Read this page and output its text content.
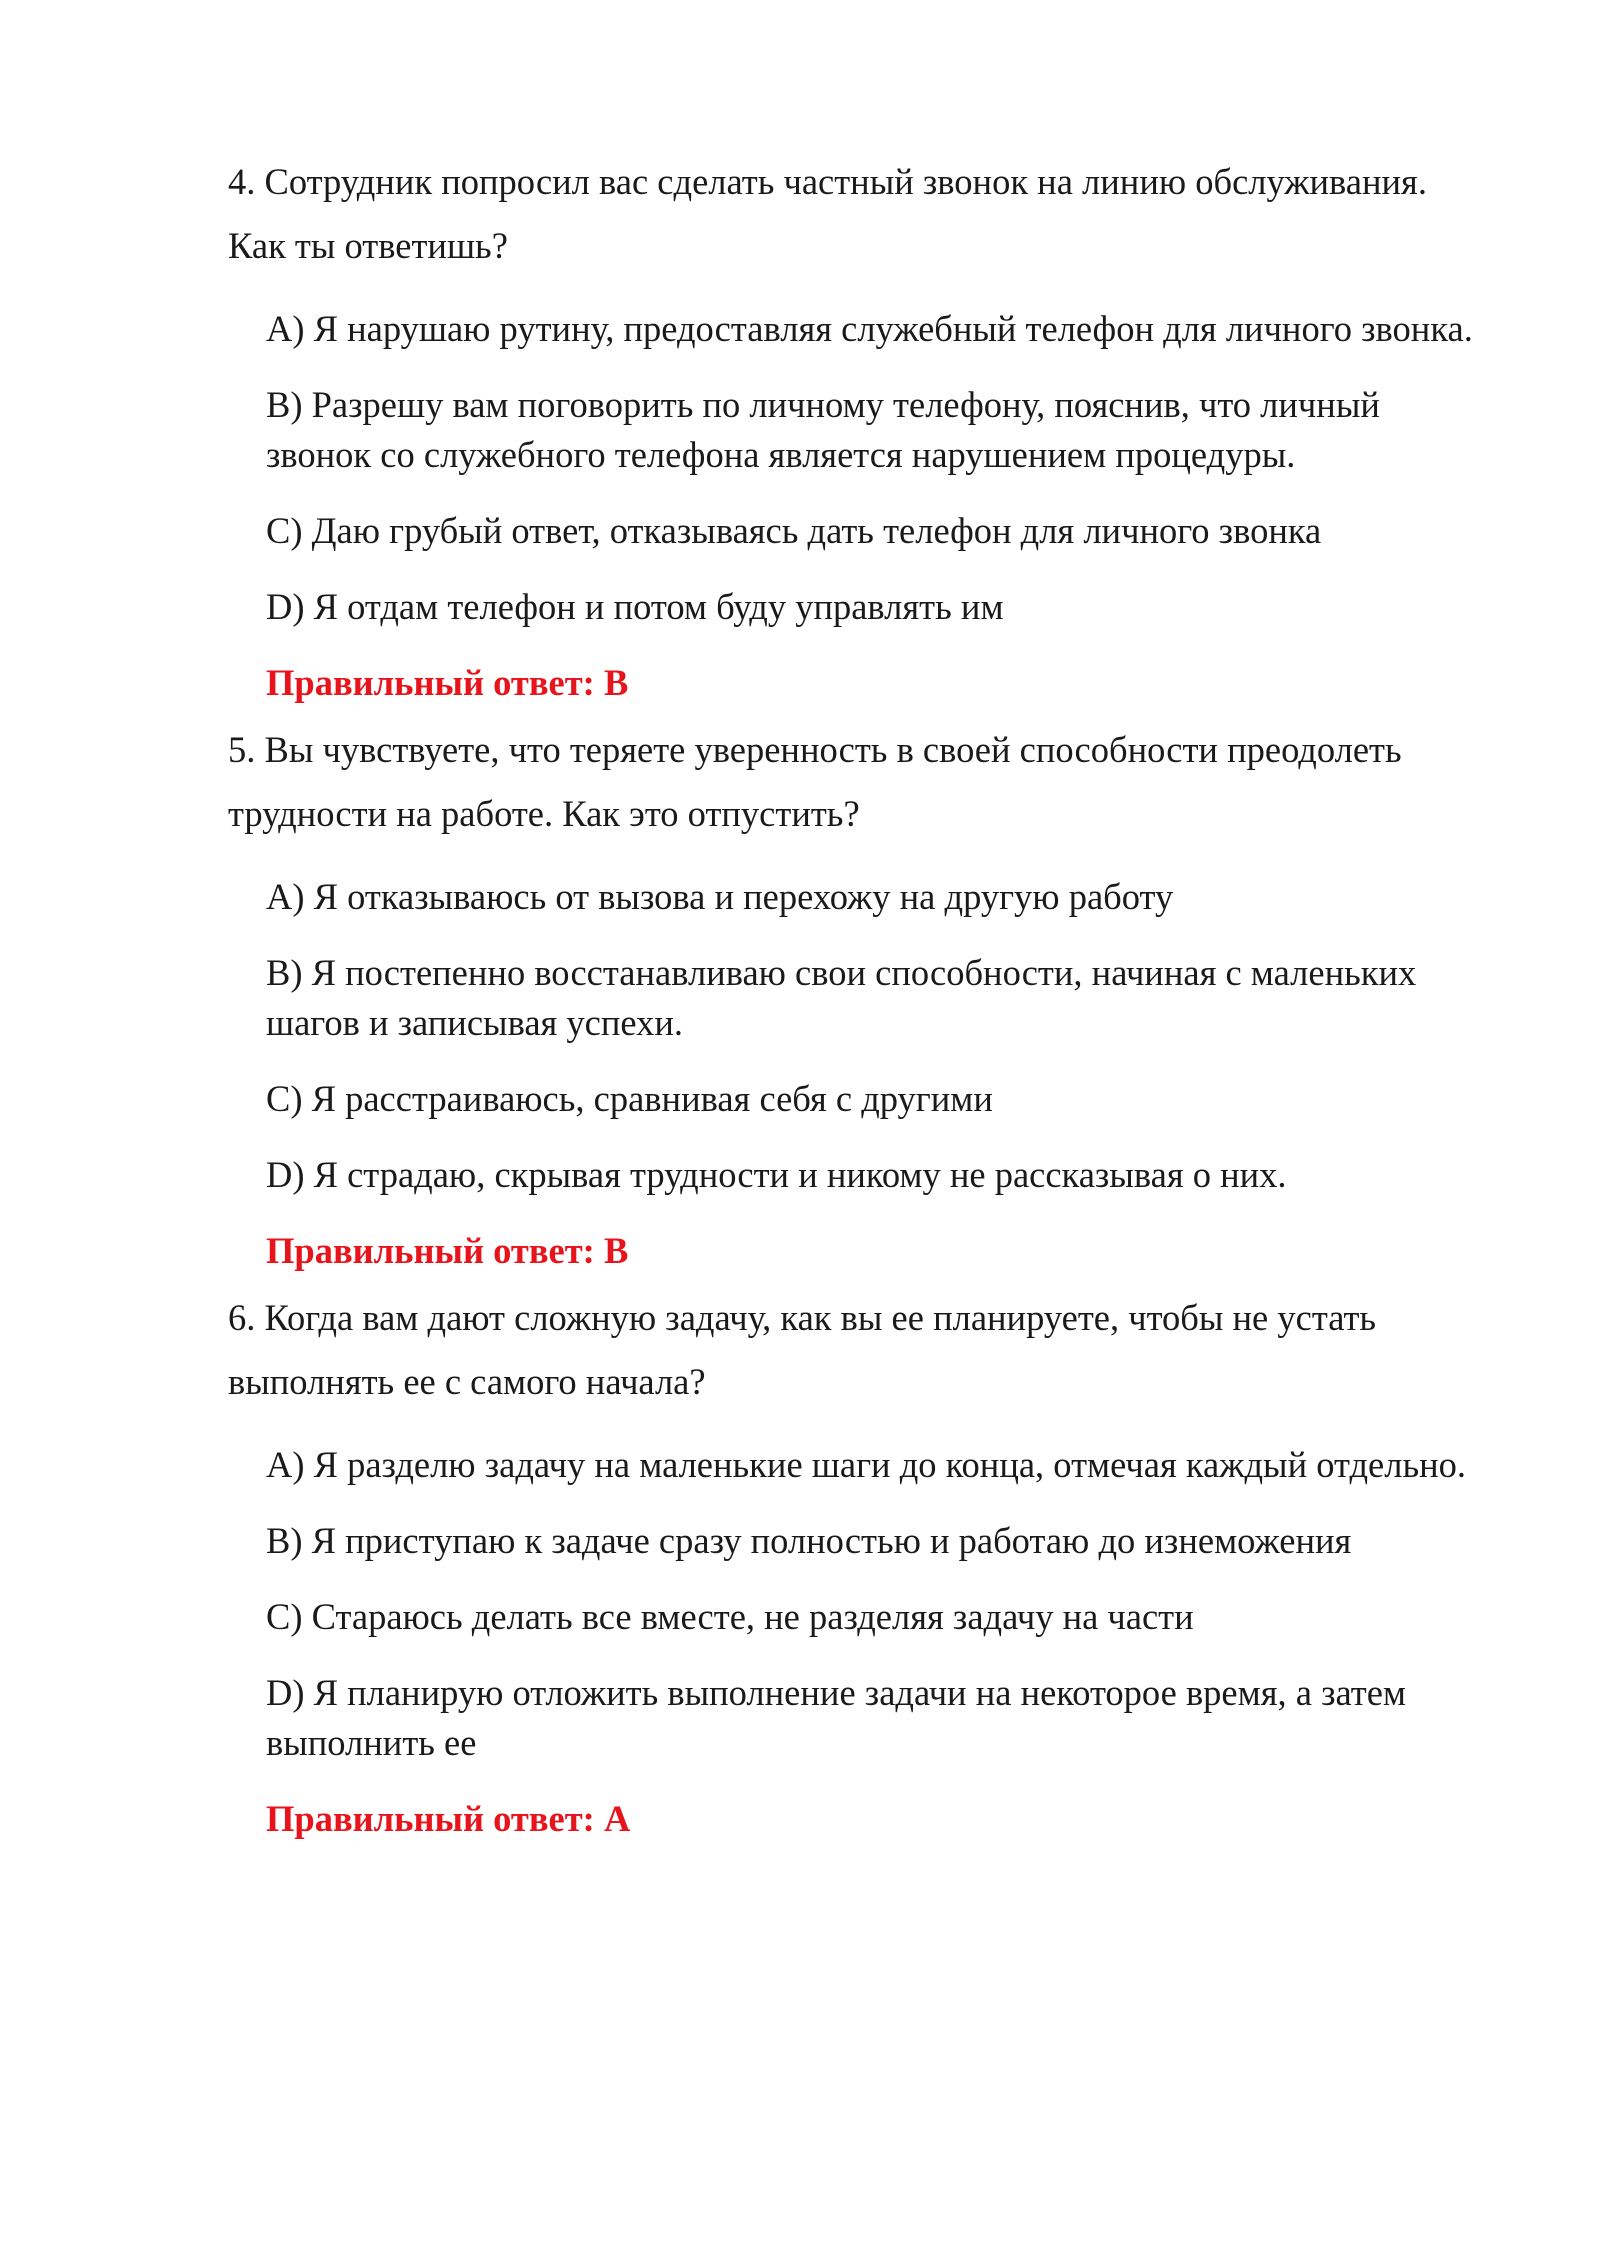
4. Сотрудник попросил вас сделать частный звонок на линию обслуживания. Как ты ответишь?

A) Я нарушаю рутину, предоставляя служебный телефон для личного звонка.

B) Разрешу вам поговорить по личному телефону, пояснив, что личный звонок со служебного телефона является нарушением процедуры.

C) Даю грубый ответ, отказываясь дать телефон для личного звонка

D) Я отдам телефон и потом буду управлять им

Правильный ответ: B

5. Вы чувствуете, что теряете уверенность в своей способности преодолеть трудности на работе. Как это отпустить?

A) Я отказываюсь от вызова и перехожу на другую работу

B) Я постепенно восстанавливаю свои способности, начиная с маленьких шагов и записывая успехи.

C) Я расстраиваюсь, сравнивая себя с другими

D) Я страдаю, скрывая трудности и никому не рассказывая о них.

Правильный ответ: B

6. Когда вам дают сложную задачу, как вы ее планируете, чтобы не устать выполнять ее с самого начала?

A) Я разделю задачу на маленькие шаги до конца, отмечая каждый отдельно.

B) Я приступаю к задаче сразу полностью и работаю до изнеможения

C) Стараюсь делать все вместе, не разделяя задачу на части

D) Я планирую отложить выполнение задачи на некоторое время, а затем выполнить ее

Правильный ответ: A
